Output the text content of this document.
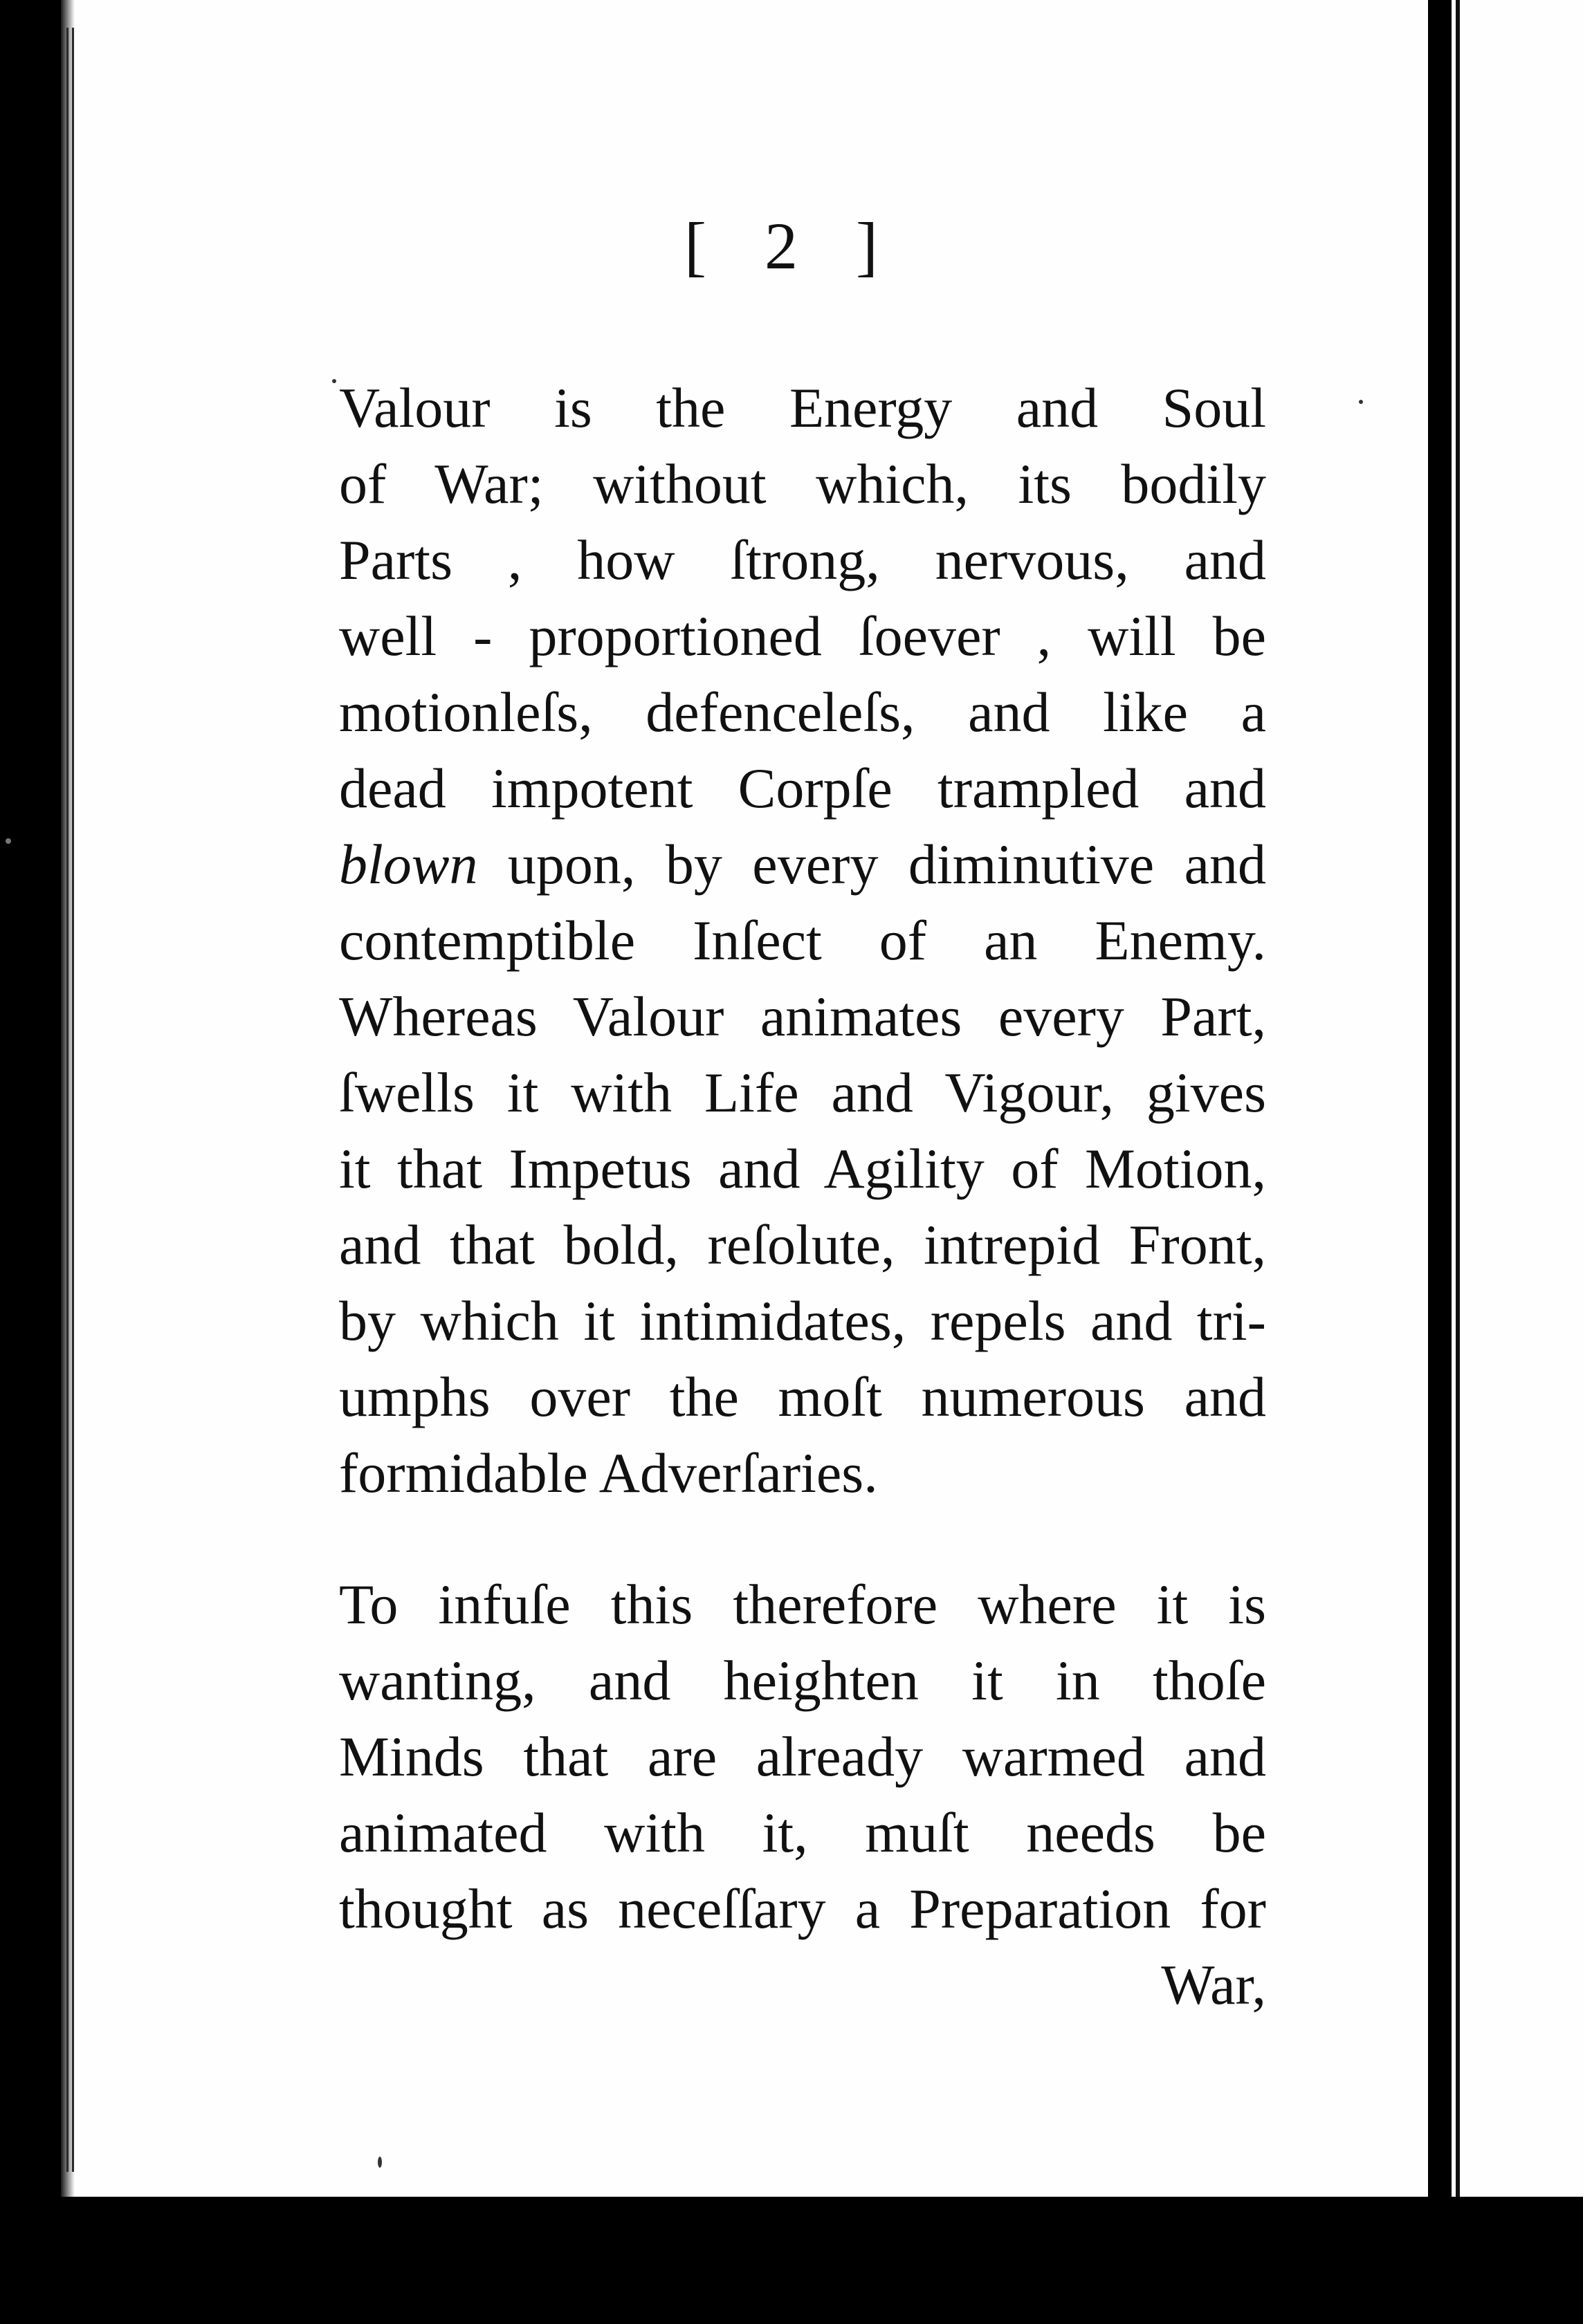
[ 2 ]
Valour is the Energy and Soul
of War; without which, its bodily
Parts , how ſtrong, nervous, and
well - proportioned ſoever , will be
motionleſs, defenceleſs, and like a
dead impotent Corpſe trampled and
blown upon, by every diminutive and
contemptible Inſect of an Enemy.
Whereas Valour animates every Part,
ſwells it with Life and Vigour, gives
it that Impetus and Agility of Motion,
and that bold, reſolute, intrepid Front,
by which it intimidates, repels and tri-
umphs over the moſt numerous and
formidable Adverſaries.
To infuſe this therefore where it is
wanting, and heighten it in thoſe
Minds that are already warmed and
animated with it, muſt needs be
thought as neceſſary a Preparation for
War,
